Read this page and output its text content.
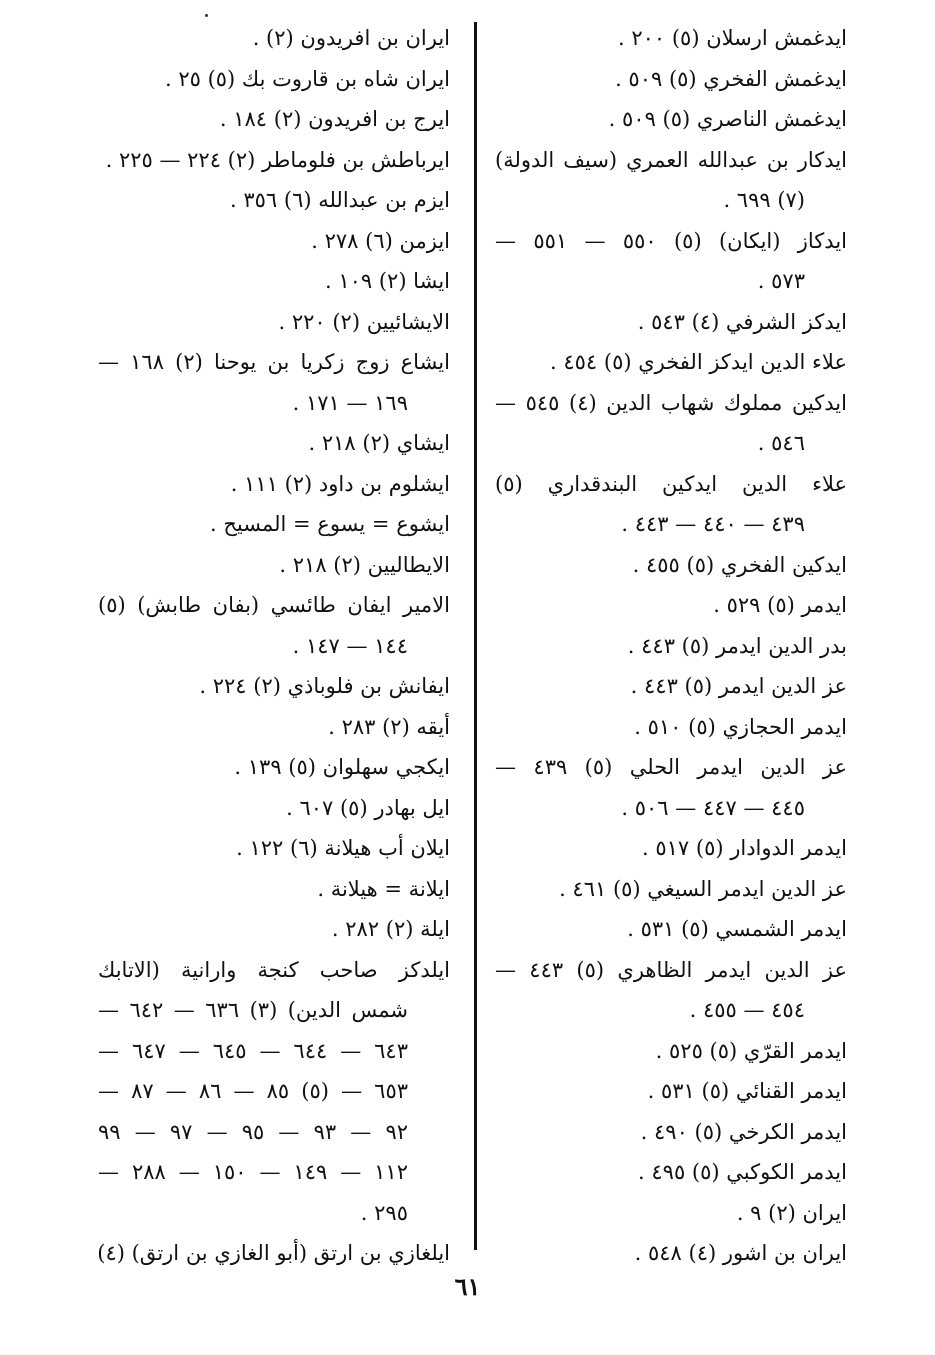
ايدغمش ارسلان (٥) ٢٠٠ .
ايدغمش الفخري (٥) ٥٠٩ .
ايدغمش الناصري (٥) ٥٠٩ .
ايدكار بن عبدالله العمري (سيف الدولة)
(٧) ٦٩٩ .
ايدكاز (ايكان) (٥) ٥٥٠ — ٥٥١ —
٥٧٣ .
ايدكز الشرفي (٤) ٥٤٣ .
علاء الدين ايدكز الفخري (٥) ٤٥٤ .
ايدكين مملوك شهاب الدين (٤) ٥٤٥ —
٥٤٦ .
علاء الدين ايدكين البندقداري (٥)
٤٣٩ — ٤٤٠ — ٤٤٣ .
ايدكين الفخري (٥) ٤٥٥ .
ايدمر (٥) ٥٢٩ .
بدر الدين ايدمر (٥) ٤٤٣ .
عز الدين ايدمر (٥) ٤٤٣ .
ايدمر الحجازي (٥) ٥١٠ .
عز الدين ايدمر الحلي (٥) ٤٣٩ —
٤٤٥ — ٤٤٧ — ٥٠٦ .
ايدمر الدوادار (٥) ٥١٧ .
عز الدين ايدمر السيغي (٥) ٤٦١ .
ايدمر الشمسي (٥) ٥٣١ .
عز الدين ايدمر الظاهري (٥) ٤٤٣ —
٤٥٤ — ٤٥٥ .
ايدمر القرّي (٥) ٥٢٥ .
ايدمر القنائي (٥) ٥٣١ .
ايدمر الكرخي (٥) ٤٩٠ .
ايدمر الكوكبي (٥) ٤٩٥ .
ايران (٢) ٩ .
ايران بن اشور (٤) ٥٤٨ .
ايران بن افريدون (٢) .
ايران شاه بن قاروت بك (٥) ٢٥ .
ايرج بن افريدون (٢) ١٨٤ .
ايرباطش بن فلوماطر (٢) ٢٢٤ — ٢٢٥ .
ايزم بن عبدالله (٦) ٣٥٦ .
ايزمن (٦) ٢٧٨ .
ايشا (٢) ١٠٩ .
الايشائيين (٢) ٢٢٠ .
ايشاع زوج زكريا بن يوحنا (٢) ١٦٨ —
١٦٩ — ١٧١ .
ايشاي (٢) ٢١٨ .
ايشلوم بن داود (٢) ١١١ .
ايشوع = يسوع = المسيح .
الايطاليين (٢) ٢١٨ .
الامير ايفان طائسي (بفان طابش) (٥)
١٤٤ — ١٤٧ .
ايفانش بن فلوباذي (٢) ٢٢٤ .
أيقه (٢) ٢٨٣ .
ايكجي سهلوان (٥) ١٣٩ .
ايل بهادر (٥) ٦٠٧ .
ايلان أب هيلانة (٦) ١٢٢ .
ايلانة = هيلانة .
ايلة (٢) ٢٨٢ .
ايلدكز صاحب كنجة وارانية (الاتابك
شمس الدين) (٣) ٦٣٦ — ٦٤٢ —
٦٤٣ — ٦٤٤ — ٦٤٥ — ٦٤٧ —
٦٥٣ — (٥) ٨٥ — ٨٦ — ٨٧ —
٩٢ — ٩٣ — ٩٥ — ٩٧ — ٩٩
١١٢ — ١٤٩ — ١٥٠ — ٢٨٨ —
٢٩٥ .
ايلغازي بن ارتق (أبو الغازي بن ارتق) (٤)
٦١
